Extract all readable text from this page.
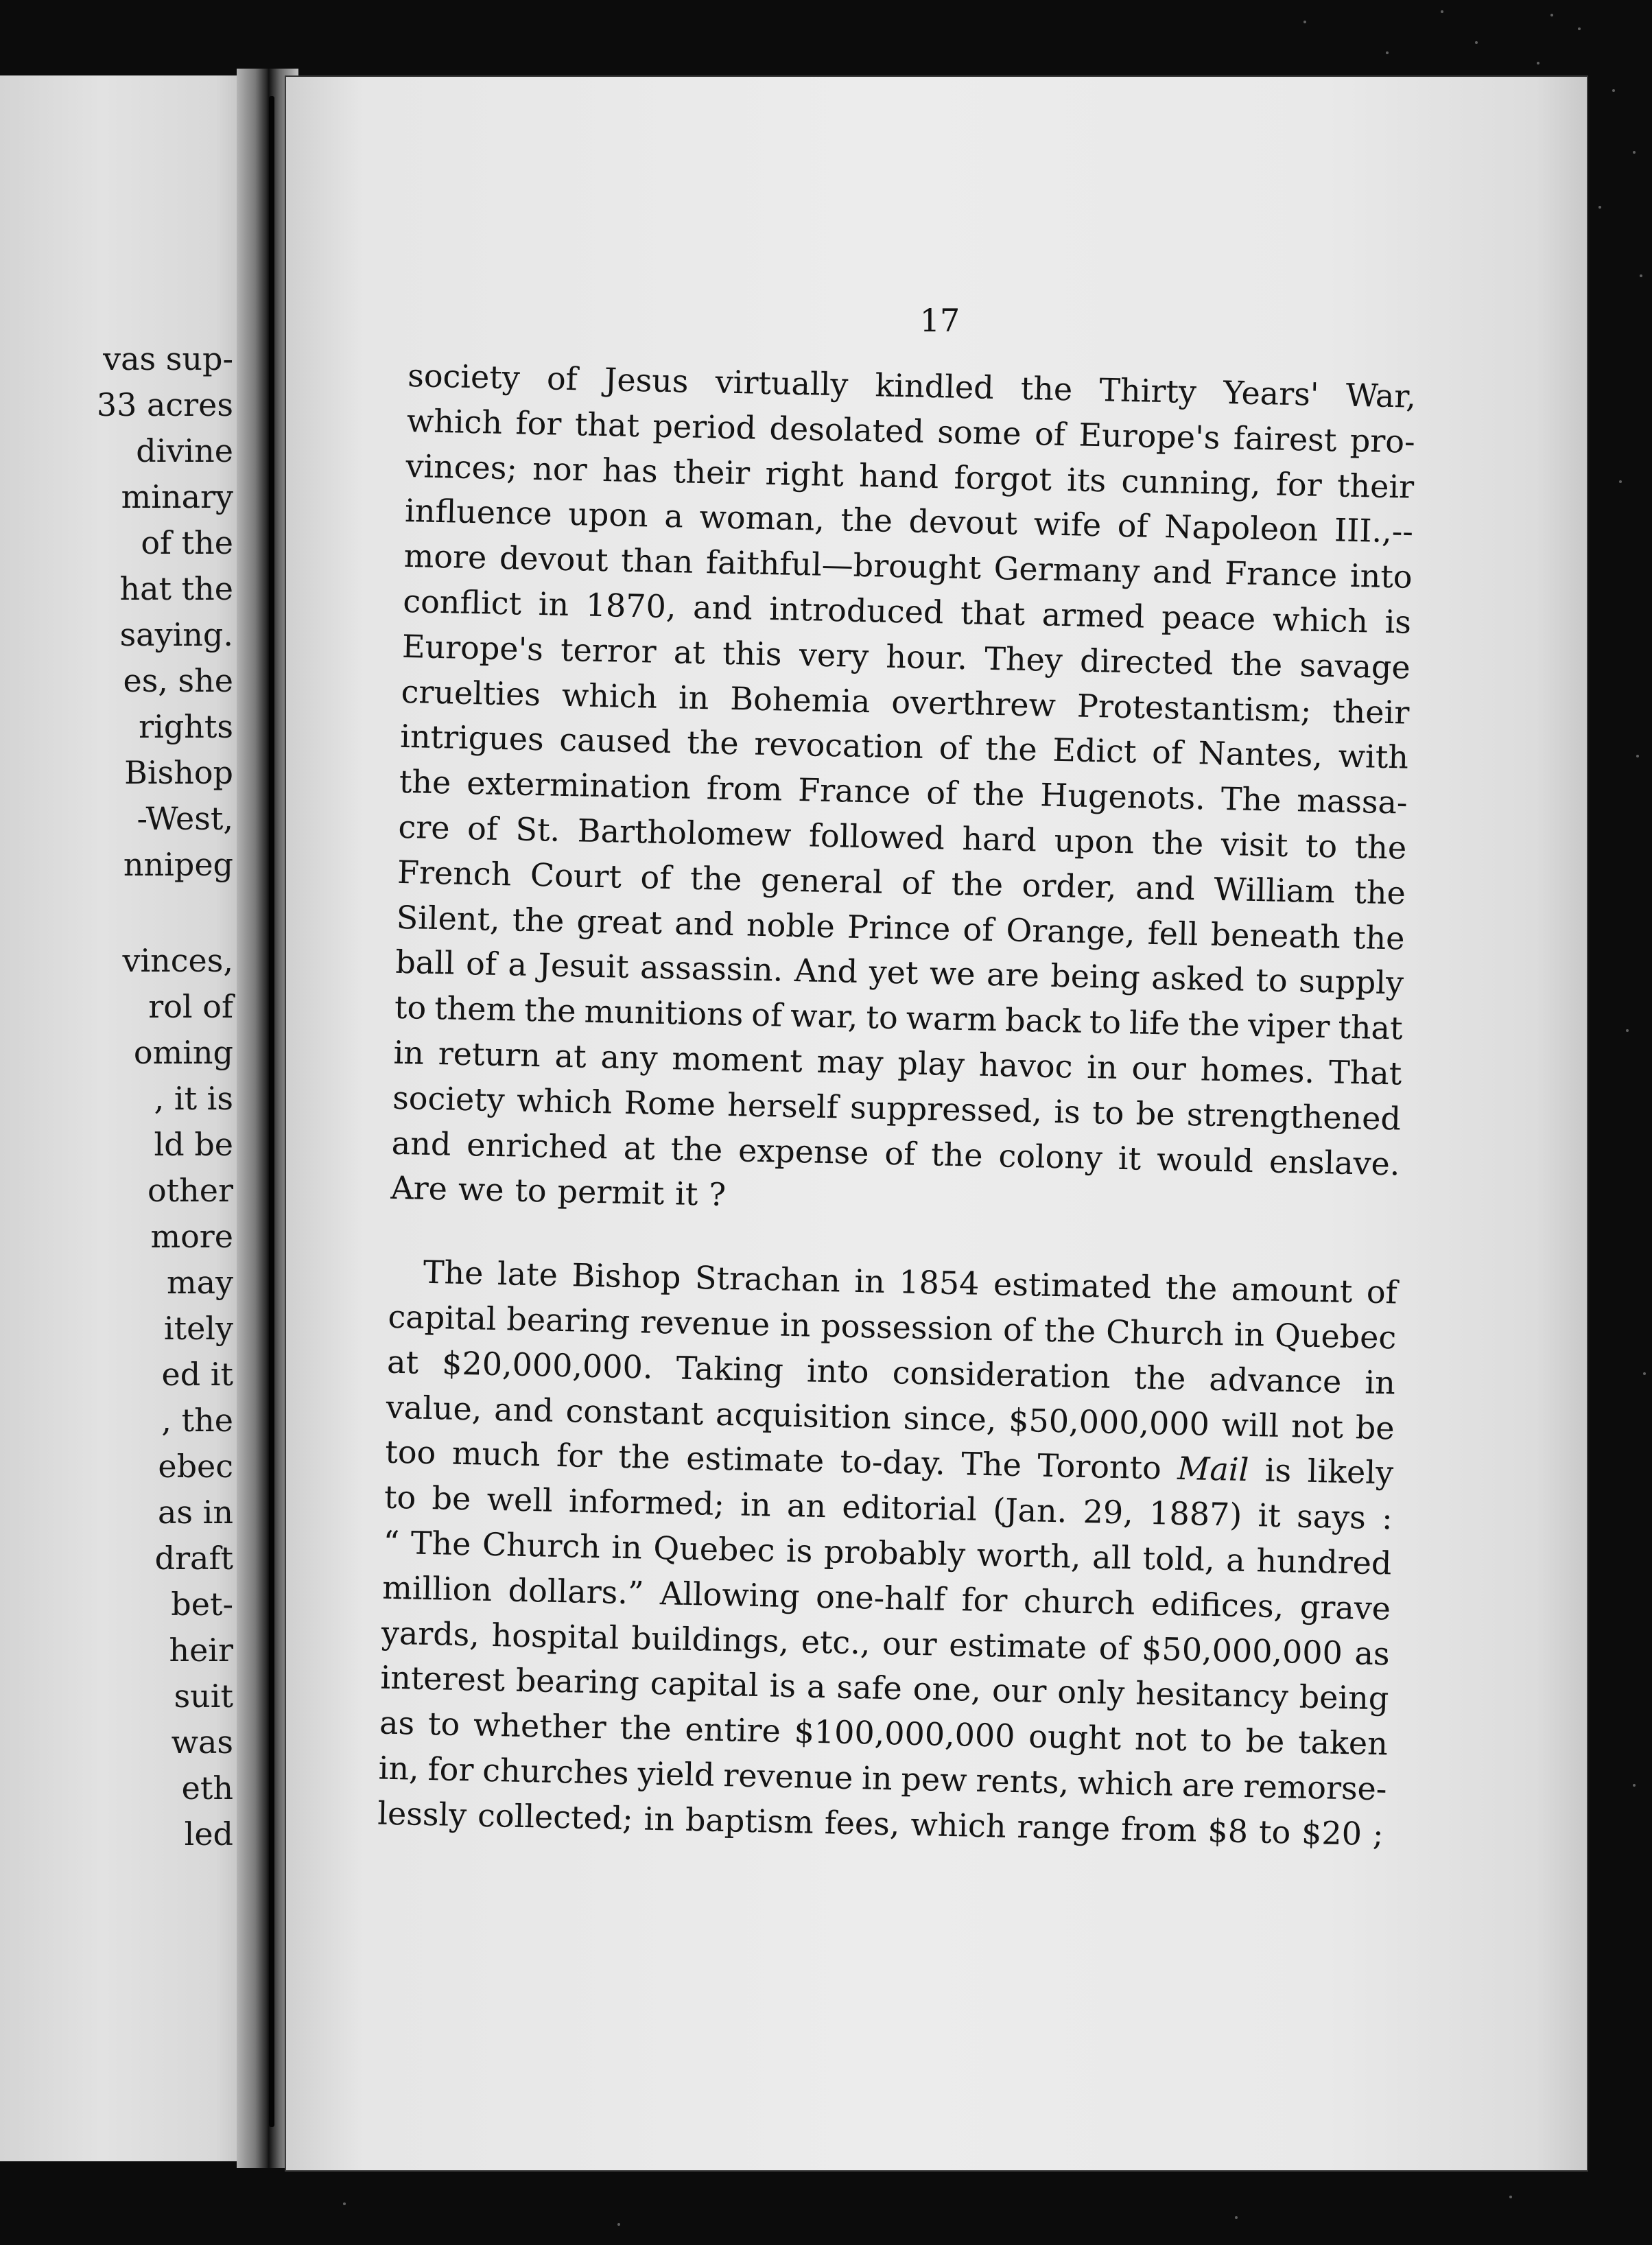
vas sup-
33 acres
divine
minary
of the
hat the
saying.
es, she
rights
Bishop
-West,
nnipeg
vinces,
rol of
oming
, it is
ld be
other
more
may
itely
ed it
, the
ebec
as in
draft
bet-
heir
suit
was
eth
led
17
society of Jesus virtually kindled the Thirty Years' War,
which for that period desolated some of Europe's fairest pro-
vinces; nor has their right hand forgot its cunning, for their
influence upon a woman, the devout wife of Napoleon III.,--
more devout than faithful—brought Germany and France into
conflict in 1870, and introduced that armed peace which is
Europe's terror at this very hour. They directed the savage
cruelties which in Bohemia overthrew Protestantism; their
intrigues caused the revocation of the Edict of Nantes, with
the extermination from France of the Hugenots. The massa-
cre of St. Bartholomew followed hard upon the visit to the
French Court of the general of the order, and William the
Silent, the great and noble Prince of Orange, fell beneath the
ball of a Jesuit assassin. And yet we are being asked to supply
to them the munitions of war, to warm back to life the viper that
in return at any moment may play havoc in our homes. That
society which Rome herself suppressed, is to be strengthened
and enriched at the expense of the colony it would enslave.
Are we to permit it ?
The late Bishop Strachan in 1854 estimated the amount of
capital bearing revenue in possession of the Church in Quebec
at $20,000,000. Taking into consideration the advance in
value, and constant acquisition since, $50,000,000 will not be
too much for the estimate to-day. The Toronto Mail is likely
to be well informed; in an editorial (Jan. 29, 1887) it says :
“ The Church in Quebec is probably worth, all told, a hundred
million dollars.” Allowing one-half for church edifices, grave
yards, hospital buildings, etc., our estimate of $50,000,000 as
interest bearing capital is a safe one, our only hesitancy being
as to whether the entire $100,000,000 ought not to be taken
in, for churches yield revenue in pew rents, which are remorse-
lessly collected; in baptism fees, which range from $8 to $20 ;
